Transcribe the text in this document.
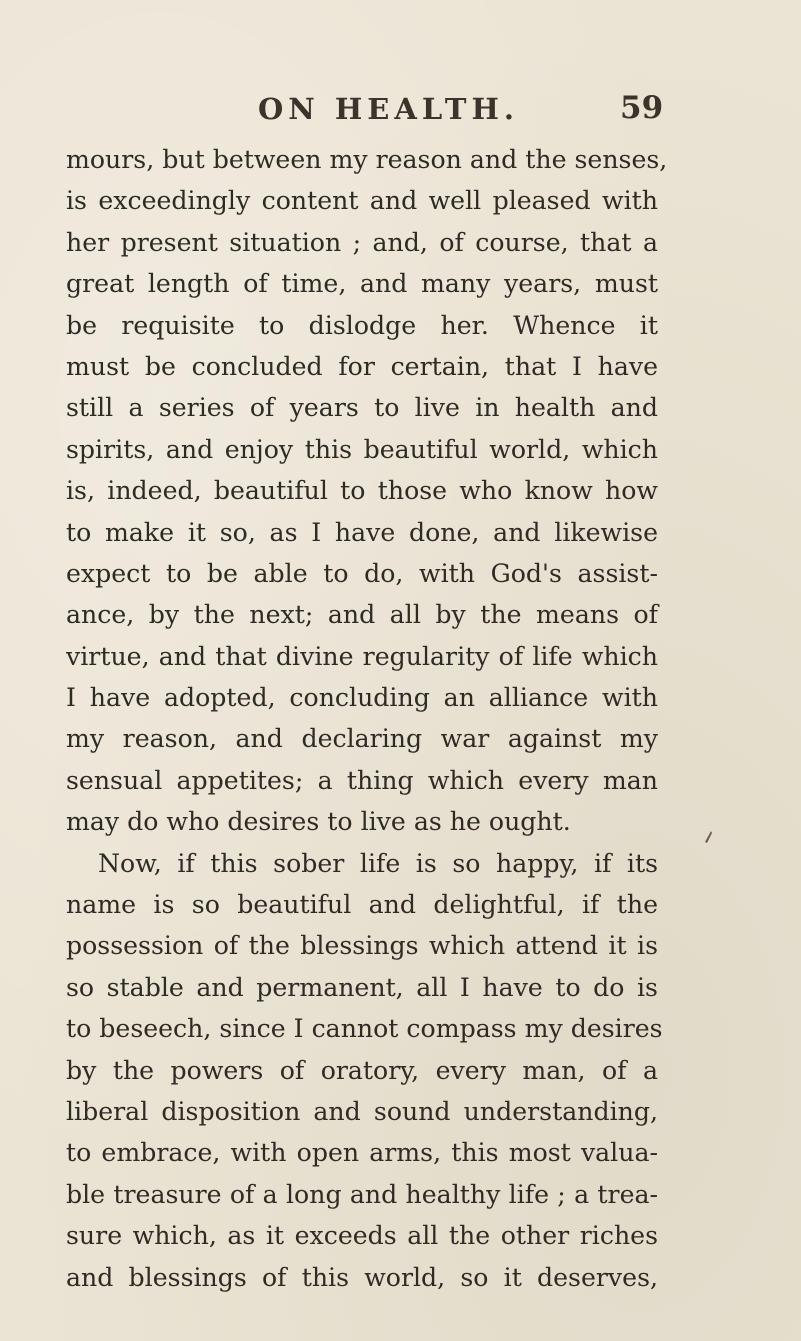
ON HEALTH.	59
mours, but between my reason and the senses,
is exceedingly content and well pleased with
her present situation ; and, of course, that a
great length of time, and many years, must
be requisite to dislodge her. Whence it
must be concluded for certain, that I have
still a series of years to live in health and
spirits, and enjoy this beautiful world, which
is, indeed, beautiful to those who know how
to make it so, as I have done, and likewise
expect to be able to do, with God's assist-
ance, by the next; and all by the means of
virtue, and that divine regularity of life which
I have adopted, concluding an alliance with
my reason, and declaring war against my
sensual appetites; a thing which every man
may do who desires to live as he ought.
Now, if this sober life is so happy, if its
name is so beautiful and delightful, if the
possession of the blessings which attend it is
so stable and permanent, all I have to do is
to beseech, since I cannot compass my desires
by the powers of oratory, every man, of a
liberal disposition and sound understanding,
to embrace, with open arms, this most valua-
ble treasure of a long and healthy life ; a trea-
sure which, as it exceeds all the other riches
and blessings of this world, so it deserves,
